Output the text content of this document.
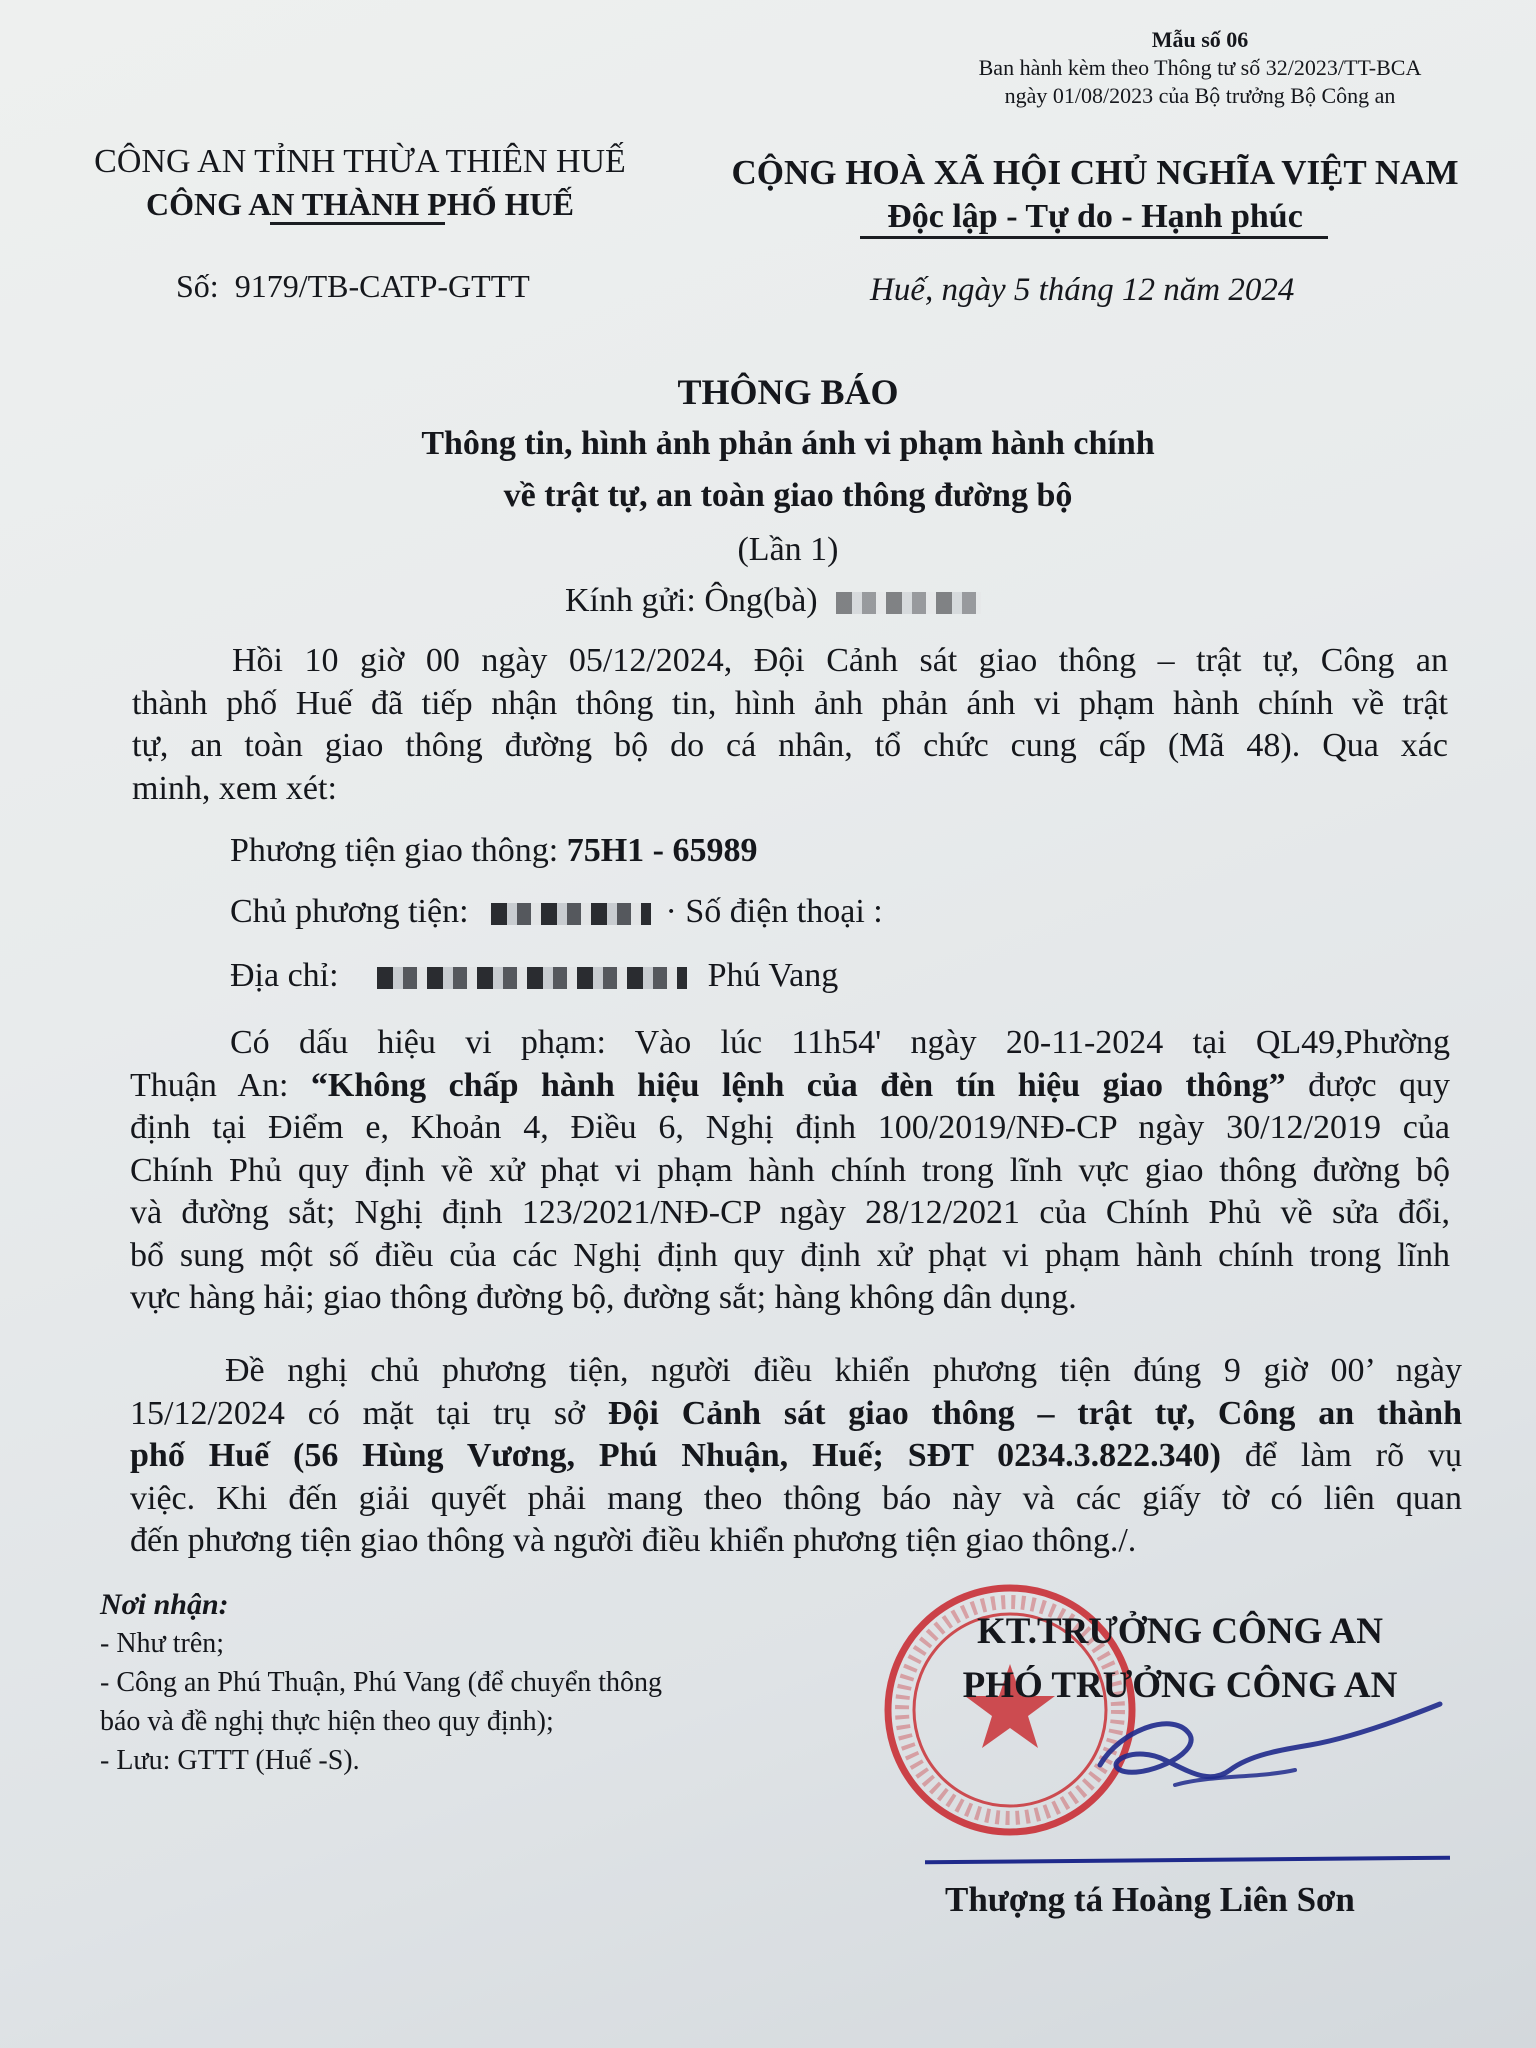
Mẫu số 06
Ban hành kèm theo Thông tư số 32/2023/TT-BCA
ngày 01/08/2023 của Bộ trưởng Bộ Công an
CÔNG AN TỈNH THỪA THIÊN HUẾ
CÔNG AN THÀNH PHỐ HUẾ
Số: 9179/TB-CATP-GTTT
CỘNG HOÀ XÃ HỘI CHỦ NGHĨA VIỆT NAM
Độc lập - Tự do - Hạnh phúc
Huế, ngày 5 tháng 12 năm 2024
THÔNG BÁO
Thông tin, hình ảnh phản ánh vi phạm hành chính
về trật tự, an toàn giao thông đường bộ
(Lần 1)
Kính gửi: Ông(bà)
Hồi 10 giờ 00 ngày 05/12/2024, Đội Cảnh sát giao thông – trật tự, Công an
thành phố Huế đã tiếp nhận thông tin, hình ảnh phản ánh vi phạm hành chính về trật
tự, an toàn giao thông đường bộ do cá nhân, tổ chức cung cấp (Mã 48). Qua xác
minh, xem xét:
Phương tiện giao thông: 75H1 - 65989
Chủ phương tiện:	· Số điện thoại :
Địa chỉ:	Phú Vang
Có dấu hiệu vi phạm: Vào lúc 11h54' ngày 20-11-2024 tại QL49,Phường
Thuận An: “Không chấp hành hiệu lệnh của đèn tín hiệu giao thông” được quy
định tại Điểm e, Khoản 4, Điều 6, Nghị định 100/2019/NĐ-CP ngày 30/12/2019 của
Chính Phủ quy định về xử phạt vi phạm hành chính trong lĩnh vực giao thông đường bộ
và đường sắt; Nghị định 123/2021/NĐ-CP ngày 28/12/2021 của Chính Phủ về sửa đổi,
bổ sung một số điều của các Nghị định quy định xử phạt vi phạm hành chính trong lĩnh
vực hàng hải; giao thông đường bộ, đường sắt; hàng không dân dụng.
Đề nghị chủ phương tiện, người điều khiển phương tiện đúng 9 giờ 00’ ngày
15/12/2024 có mặt tại trụ sở Đội Cảnh sát giao thông – trật tự, Công an thành
phố Huế (56 Hùng Vương, Phú Nhuận, Huế; SĐT 0234.3.822.340) để làm rõ vụ
việc. Khi đến giải quyết phải mang theo thông báo này và các giấy tờ có liên quan
đến phương tiện giao thông và người điều khiển phương tiện giao thông./.
Nơi nhận:
- Như trên;
- Công an Phú Thuận, Phú Vang (để chuyển thông
báo và đề nghị thực hiện theo quy định);
- Lưu: GTTT (Huế -S).
KT.TRƯỞNG CÔNG AN
PHÓ TRƯỞNG CÔNG AN
Thượng tá Hoàng Liên Sơn
